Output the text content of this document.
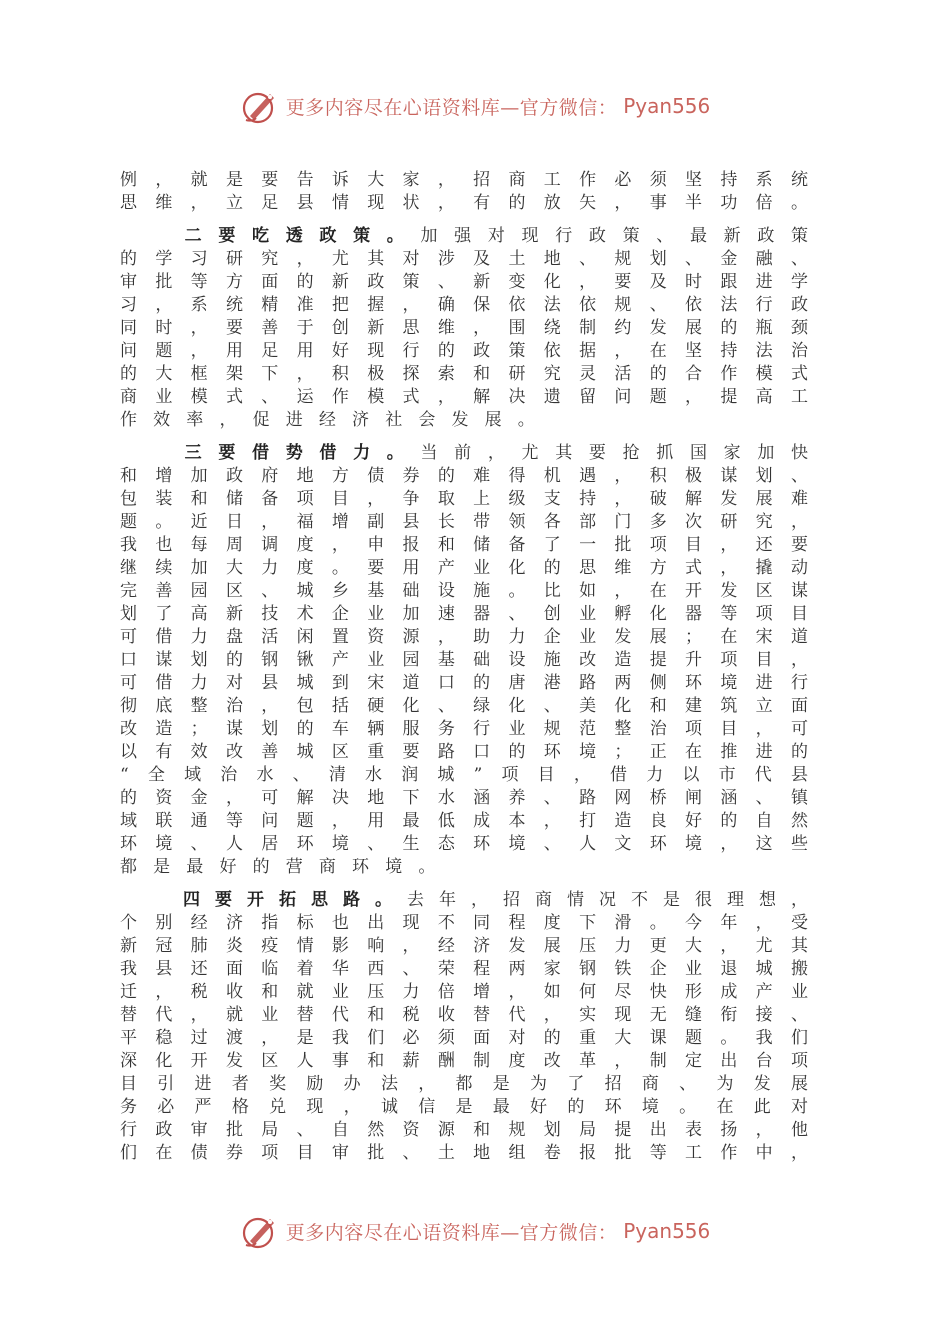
更多内容尽在心语资料库—官方微信： Pyan556
例，就是要告诉大家，招商工作必须坚持系统
思维，立足县情现状，有的放矢，事半功倍。
二要吃透政策。加强对现行政策、最新政策
的学习研究，尤其对涉及土地、规划、金融、
审批等方面的新政策、新变化，要及时跟进学
习，系统精准把握，确保依法依规、依法行政
同时，要善于创新思维，围绕制约发展的瓶颈
问题，用足用好现行的政策依据，在坚持法治
的大框架下，积极探索和研究灵活的合作模式
商业模式、运作模式，解决遗留问题，提高工
作效率，促进经济社会发展。
三要借势借力。当前，尤其要抢抓国家加快
和增加政府地方债券的难得机遇，积极谋划、
包装和储备项目，争取上级支持，破解发展难
题。近日，福增副县长带领各部门多次研究，
我也每周调度，申报和储备了一批项目，还要
继续加大力度。要用产业化的思维方式，撬动
完善园区、城乡基础设施。比如，在开发区谋
划了高新技术企业加速器、创业孵化器等项目
可借力盘活闲置资源，助力企业发展；在宋道
口谋划的钢锹产业园基础设施改造提升项目，
可借力对县城到宋道口的唐港路两侧环境进行
彻底整治，包括硬化、绿化、美化和建筑立面
改造；谋划的车辆服务行业规范整治项目，可
以有效改善城区重要路口的环境；正在推进的
“全域治水、清水润城”项目，借力以市代县
的资金，可解决地下水涵养、路网桥闸涵、镇
域联通等问题，用最低成本，打造良好的自然
环境、人居环境、生态环境、人文环境，这些
都是最好的营商环境。
四要开拓思路。去年，招商情况不是很理想，
个别经济指标也出现不同程度下滑。今年，受
新冠肺炎疫情影响，经济发展压力更大，尤其
我县还面临着华西、荣程两家钢铁企业退城搬
迁，税收和就业压力倍增，如何尽快形成产业
替代，就业替代和税收替代，实现无缝衔接、
平稳过渡，是我们必须面对的重大课题。我们
深化开发区人事和薪酬制度改革，制定出台项
目引进者奖励办法，都是为了招商、为发展
务必严格兑现，诚信是最好的环境。在此对
行政审批局、自然资源和规划局提出表扬，他
们在债券项目审批、土地组卷报批等工作中，
更多内容尽在心语资料库—官方微信： Pyan556
